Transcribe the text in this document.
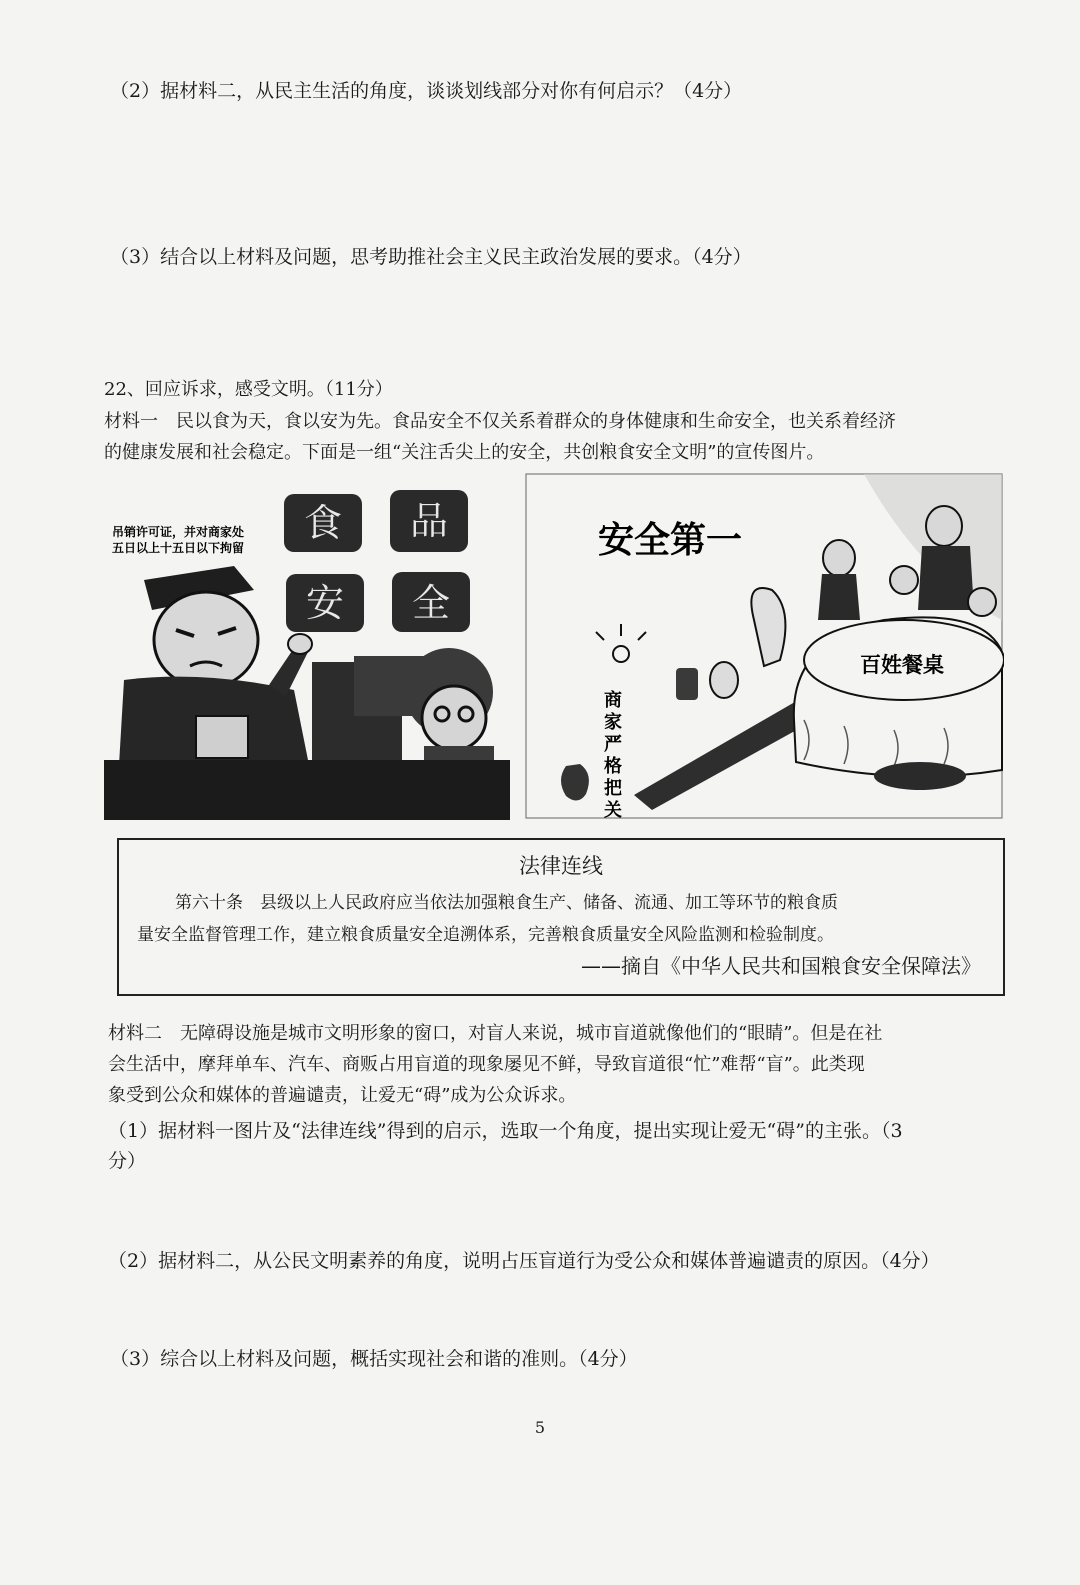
（2）据材料二，从民主生活的角度，谈谈划线部分对你有何启示？（4分）
（3）结合以上材料及问题，思考助推社会主义民主政治发展的要求。（4分）
22、回应诉求，感受文明。（11分）
材料一　民以食为天，食以安为先。食品安全不仅关系着群众的身体健康和生命安全，也关系着经济
的健康发展和社会稳定。下面是一组“关注舌尖上的安全，共创粮食安全文明”的宣传图片。
吊销许可证，并对商家处
五日以上十五日以下拘留
食 品
安 全
安全第一
商
家
严
格
把
关
百姓餐桌
法律连线
第六十条　县级以上人民政府应当依法加强粮食生产、储备、流通、加工等环节的粮食质
量安全监督管理工作，建立粮食质量安全追溯体系，完善粮食质量安全风险监测和检验制度。
——摘自《中华人民共和国粮食安全保障法》
材料二　无障碍设施是城市文明形象的窗口，对盲人来说，城市盲道就像他们的“眼睛”。但是在社
会生活中，摩拜单车、汽车、商贩占用盲道的现象屡见不鲜，导致盲道很“忙”难帮“盲”。此类现
象受到公众和媒体的普遍谴责，让爱无“碍”成为公众诉求。
（1）据材料一图片及“法律连线”得到的启示，选取一个角度，提出实现让爱无“碍”的主张。（3
分）
（2）据材料二，从公民文明素养的角度，说明占压盲道行为受公众和媒体普遍谴责的原因。（4分）
（3）综合以上材料及问题，概括实现社会和谐的准则。（4分）
5
